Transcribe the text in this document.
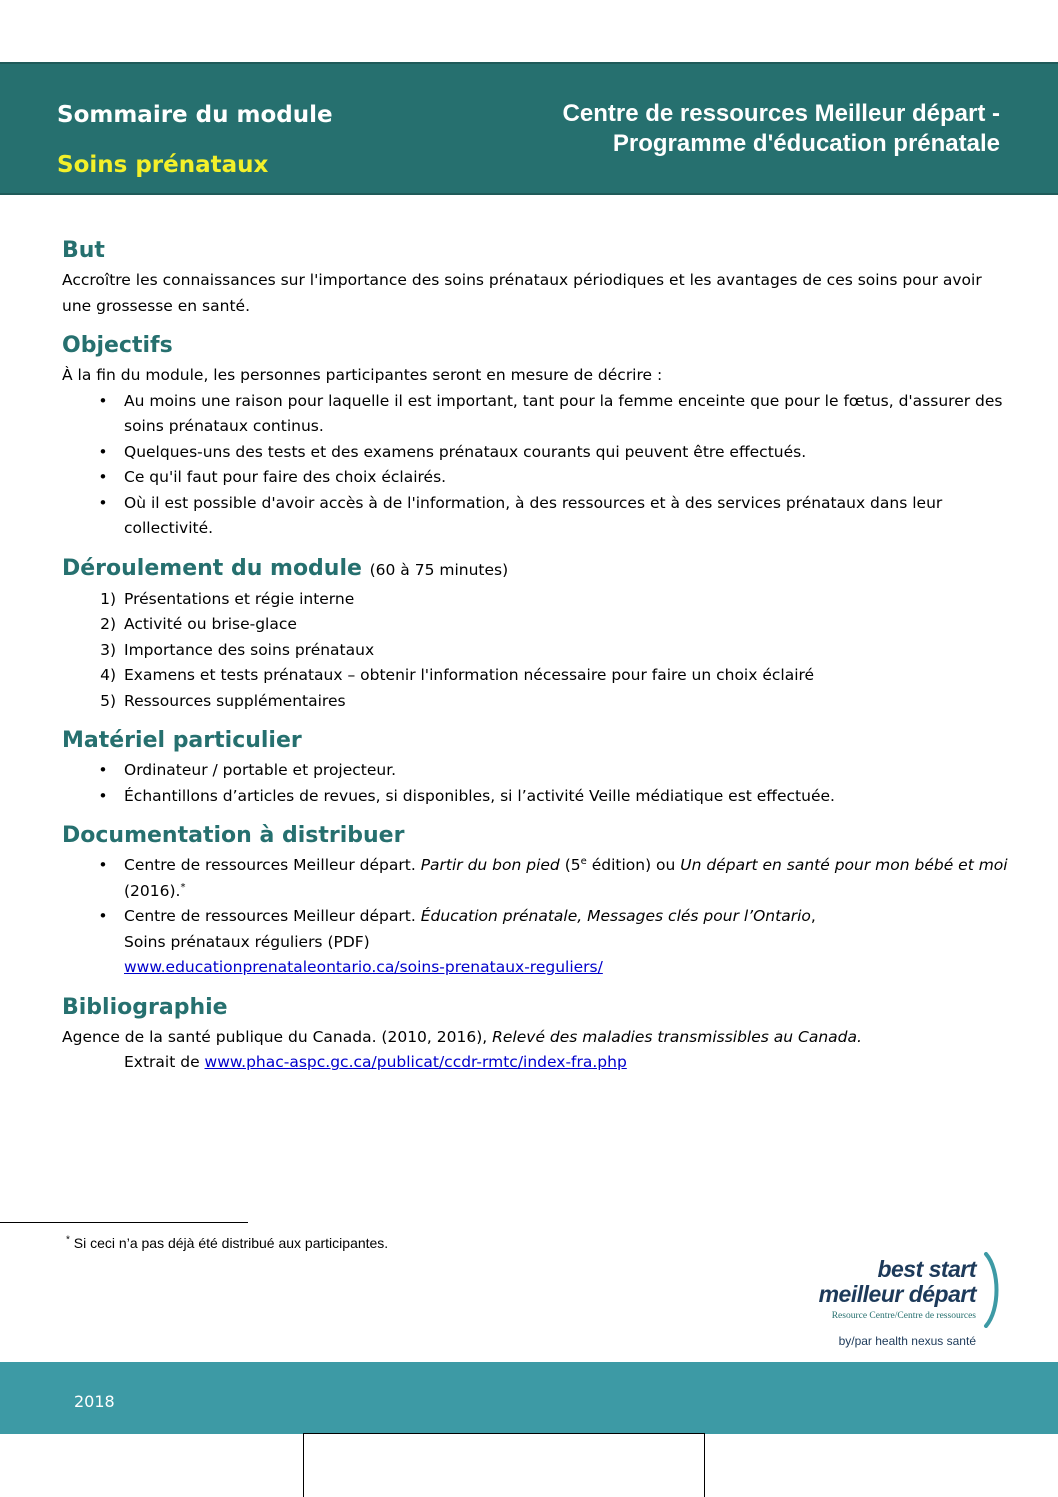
Sommaire du module
Soins prénataux
Centre de ressources Meilleur départ -
Programme d'éducation prénatale
But

Accroître les connaissances sur l'importance des soins prénataux périodiques et les avantages de ces soins pour avoir une grossesse en santé.

Objectifs

À la fin du module, les personnes participantes seront en mesure de décrire :

•	Au moins une raison pour laquelle il est important, tant pour la femme enceinte que pour le fœtus, d'assurer des soins prénataux continus.
•	Quelques-uns des tests et des examens prénataux courants qui peuvent être effectués.
•	Ce qu'il faut pour faire des choix éclairés.
•	Où il est possible d'avoir accès à de l'information, à des ressources et à des services prénataux dans leur collectivité.
Déroulement du module (60 à 75 minutes)
1) Présentations et régie interne
2) Activité ou brise-glace
3) Importance des soins prénataux
4) Examens et tests prénataux – obtenir l'information nécessaire pour faire un choix éclairé
5) Ressources supplémentaires
Matériel particulier
•	Ordinateur / portable et projecteur.
•	Échantillons d’articles de revues, si disponibles, si l’activité Veille médiatique est effectuée.
Documentation à distribuer
•	Centre de ressources Meilleur départ. Partir du bon pied (5e édition) ou Un départ en santé pour mon bébé et moi (2016).*
•	Centre de ressources Meilleur départ. Éducation prénatale, Messages clés pour l’Ontario,
Soins prénataux réguliers (PDF)
www.educationprenataleontario.ca/soins-prenataux-reguliers/
Bibliographie

Agence de la santé publique du Canada. (2010, 2016), Relevé des maladies transmissibles au Canada.

Extrait de www.phac-aspc.gc.ca/publicat/ccdr-rmtc/index-fra.php

* Si ceci n’a pas déjà été distribué aux participantes.
best start
meilleur départ
Resource Centre/Centre de ressources
by/par health nexus santé
2018
